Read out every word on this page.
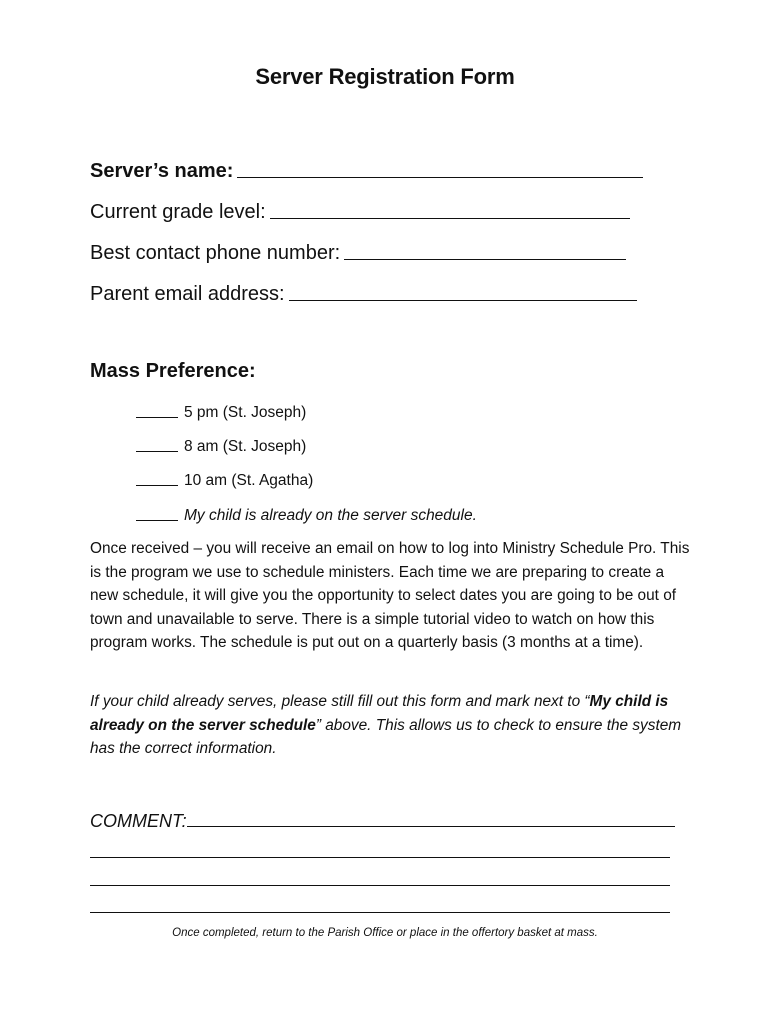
Server Registration Form
Server’s name:
Current grade level:
Best contact phone number:
Parent email address:
Mass Preference:
5 pm (St. Joseph)
8 am (St. Joseph)
10 am (St. Agatha)
My child is already on the server schedule.
Once received – you will receive an email on how to log into Ministry Schedule Pro. This is the program we use to schedule ministers. Each time we are preparing to create a new schedule, it will give you the opportunity to select dates you are going to be out of town and unavailable to serve. There is a simple tutorial video to watch on how this program works. The schedule is put out on a quarterly basis (3 months at a time).
If your child already serves, please still fill out this form and mark next to “My child is already on the server schedule” above. This allows us to check to ensure the system has the correct information.
COMMENT:
Once completed, return to the Parish Office or place in the offertory basket at mass.
